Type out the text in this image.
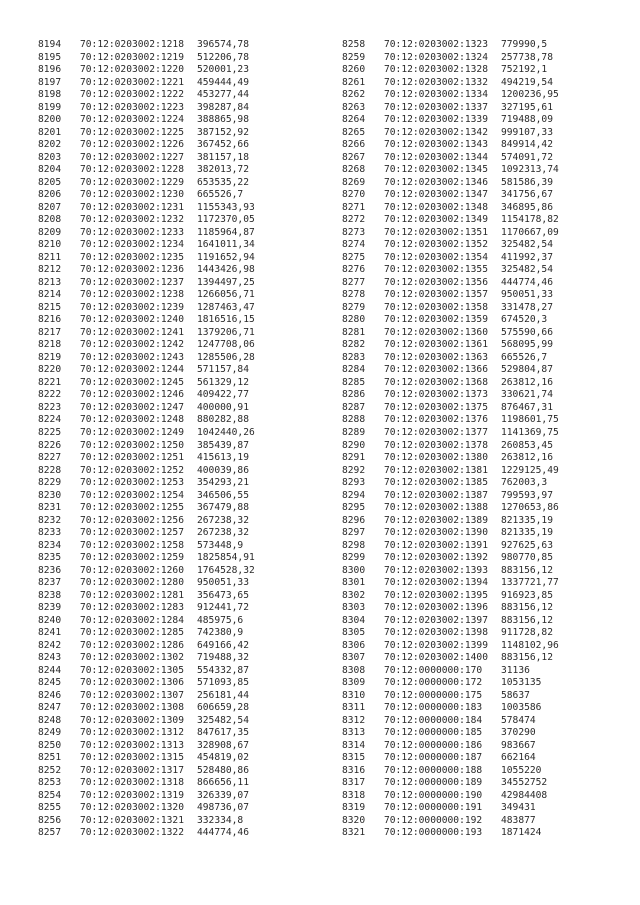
8194 70:12:0203002:1218 396574,78
8195 70:12:0203002:1219 512206,78
8196 70:12:0203002:1220 520001,23
8197 70:12:0203002:1221 459444,49
8198 70:12:0203002:1222 453277,44
8199 70:12:0203002:1223 398287,84
8200 70:12:0203002:1224 388865,98
8201 70:12:0203002:1225 387152,92
8202 70:12:0203002:1226 367452,66
8203 70:12:0203002:1227 381157,18
8204 70:12:0203002:1228 382013,72
8205 70:12:0203002:1229 653535,22
8206 70:12:0203002:1230 665526,7
8207 70:12:0203002:1231 1155343,93
8208 70:12:0203002:1232 1172370,05
8209 70:12:0203002:1233 1185964,87
8210 70:12:0203002:1234 1641011,34
8211 70:12:0203002:1235 1191652,94
8212 70:12:0203002:1236 1443426,98
8213 70:12:0203002:1237 1394497,25
8214 70:12:0203002:1238 1266056,71
8215 70:12:0203002:1239 1287463,47
8216 70:12:0203002:1240 1816516,15
8217 70:12:0203002:1241 1379206,71
8218 70:12:0203002:1242 1247708,06
8219 70:12:0203002:1243 1285506,28
8220 70:12:0203002:1244 571157,84
8221 70:12:0203002:1245 561329,12
8222 70:12:0203002:1246 409422,77
8223 70:12:0203002:1247 400000,91
8224 70:12:0203002:1248 880282,88
8225 70:12:0203002:1249 1042440,26
8226 70:12:0203002:1250 385439,87
8227 70:12:0203002:1251 415613,19
8228 70:12:0203002:1252 400039,86
8229 70:12:0203002:1253 354293,21
8230 70:12:0203002:1254 346506,55
8231 70:12:0203002:1255 367479,88
8232 70:12:0203002:1256 267238,32
8233 70:12:0203002:1257 267238,32
8234 70:12:0203002:1258 573448,9
8235 70:12:0203002:1259 1825854,91
8236 70:12:0203002:1260 1764528,32
8237 70:12:0203002:1280 950051,33
8238 70:12:0203002:1281 356473,65
8239 70:12:0203002:1283 912441,72
8240 70:12:0203002:1284 485975,6
8241 70:12:0203002:1285 742380,9
8242 70:12:0203002:1286 649166,42
8243 70:12:0203002:1302 719488,32
8244 70:12:0203002:1305 554332,87
8245 70:12:0203002:1306 571093,85
8246 70:12:0203002:1307 256181,44
8247 70:12:0203002:1308 606659,28
8248 70:12:0203002:1309 325482,54
8249 70:12:0203002:1312 847617,35
8250 70:12:0203002:1313 328908,67
8251 70:12:0203002:1315 454819,02
8252 70:12:0203002:1317 528480,86
8253 70:12:0203002:1318 866656,11
8254 70:12:0203002:1319 326339,07
8255 70:12:0203002:1320 498736,07
8256 70:12:0203002:1321 332334,8
8257 70:12:0203002:1322 444774,46
8258 70:12:0203002:1323 779990,5
8259 70:12:0203002:1324 257738,78
8260 70:12:0203002:1328 752192,1
8261 70:12:0203002:1332 494219,54
8262 70:12:0203002:1334 1200236,95
8263 70:12:0203002:1337 327195,61
8264 70:12:0203002:1339 719488,09
8265 70:12:0203002:1342 999107,33
8266 70:12:0203002:1343 849914,42
8267 70:12:0203002:1344 574091,72
8268 70:12:0203002:1345 1092313,74
8269 70:12:0203002:1346 581586,39
8270 70:12:0203002:1347 341756,67
8271 70:12:0203002:1348 346895,86
8272 70:12:0203002:1349 1154178,82
8273 70:12:0203002:1351 1170667,09
8274 70:12:0203002:1352 325482,54
8275 70:12:0203002:1354 411992,37
8276 70:12:0203002:1355 325482,54
8277 70:12:0203002:1356 444774,46
8278 70:12:0203002:1357 950051,33
8279 70:12:0203002:1358 331478,27
8280 70:12:0203002:1359 674520,3
8281 70:12:0203002:1360 575590,66
8282 70:12:0203002:1361 568095,99
8283 70:12:0203002:1363 665526,7
8284 70:12:0203002:1366 529804,87
8285 70:12:0203002:1368 263812,16
8286 70:12:0203002:1373 330621,74
8287 70:12:0203002:1375 876467,31
8288 70:12:0203002:1376 1198601,75
8289 70:12:0203002:1377 1141369,75
8290 70:12:0203002:1378 260853,45
8291 70:12:0203002:1380 263812,16
8292 70:12:0203002:1381 1229125,49
8293 70:12:0203002:1385 762003,3
8294 70:12:0203002:1387 799593,97
8295 70:12:0203002:1388 1270653,86
8296 70:12:0203002:1389 821335,19
8297 70:12:0203002:1390 821335,19
8298 70:12:0203002:1391 927625,63
8299 70:12:0203002:1392 980770,85
8300 70:12:0203002:1393 883156,12
8301 70:12:0203002:1394 1337721,77
8302 70:12:0203002:1395 916923,85
8303 70:12:0203002:1396 883156,12
8304 70:12:0203002:1397 883156,12
8305 70:12:0203002:1398 911728,82
8306 70:12:0203002:1399 1148102,96
8307 70:12:0203002:1400 883156,12
8308 70:12:0000000:170 31136
8309 70:12:0000000:172 1053135
8310 70:12:0000000:175 58637
8311 70:12:0000000:183 1003586
8312 70:12:0000000:184 578474
8313 70:12:0000000:185 370290
8314 70:12:0000000:186 983667
8315 70:12:0000000:187 662164
8316 70:12:0000000:188 1055220
8317 70:12:0000000:189 34552752
8318 70:12:0000000:190 42984408
8319 70:12:0000000:191 349431
8320 70:12:0000000:192 483877
8321 70:12:0000000:193 1871424
